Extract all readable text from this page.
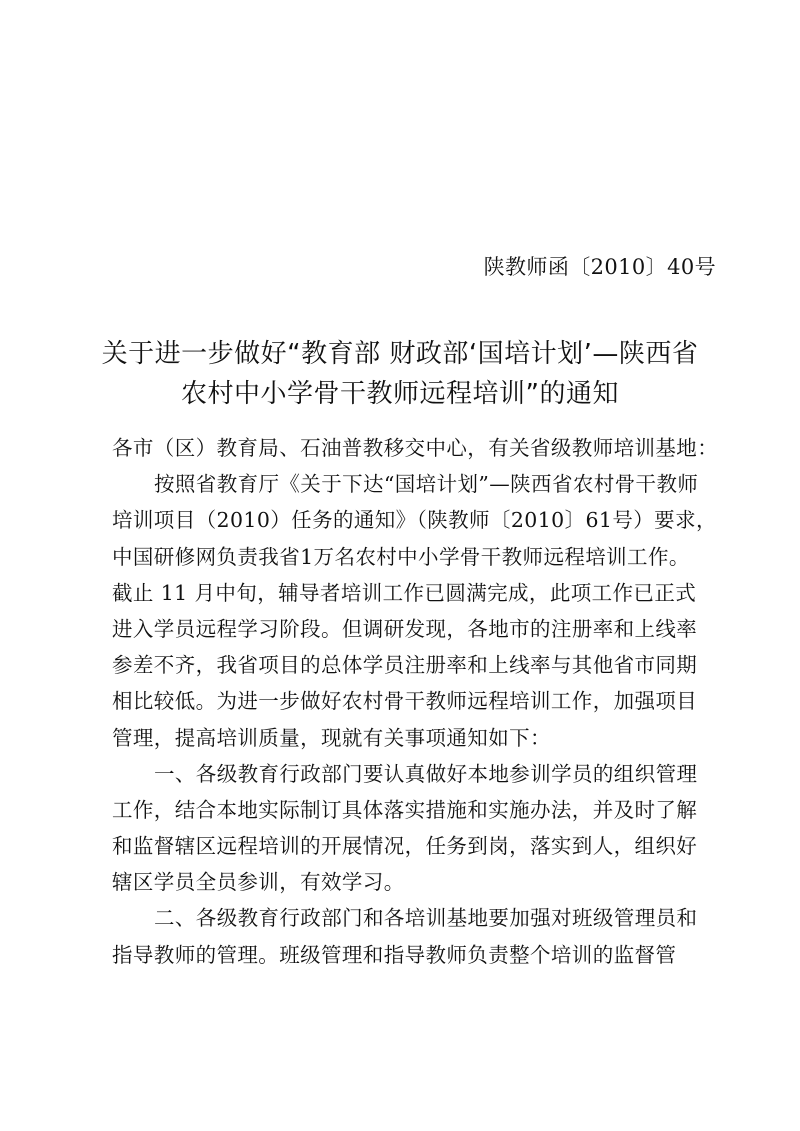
陕教师函〔2010〕40号
关于进一步做好“教育部 财政部‘国培计划’—陕西省
农村中小学骨干教师远程培训”的通知
各市（区）教育局、石油普教移交中心，有关省级教师培训基地：
按照省教育厅《关于下达“国培计划”—陕西省农村骨干教师
培训项目（2010）任务的通知》（陕教师〔2010〕61号）要求，
中国研修网负责我省1万名农村中小学骨干教师远程培训工作。
截止 11 月中旬，辅导者培训工作已圆满完成，此项工作已正式
进入学员远程学习阶段。但调研发现，各地市的注册率和上线率
参差不齐，我省项目的总体学员注册率和上线率与其他省市同期
相比较低。为进一步做好农村骨干教师远程培训工作，加强项目
管理，提高培训质量，现就有关事项通知如下：
一、各级教育行政部门要认真做好本地参训学员的组织管理
工作，结合本地实际制订具体落实措施和实施办法，并及时了解
和监督辖区远程培训的开展情况，任务到岗，落实到人，组织好
辖区学员全员参训，有效学习。
二、各级教育行政部门和各培训基地要加强对班级管理员和
指导教师的管理。班级管理和指导教师负责整个培训的监督管
